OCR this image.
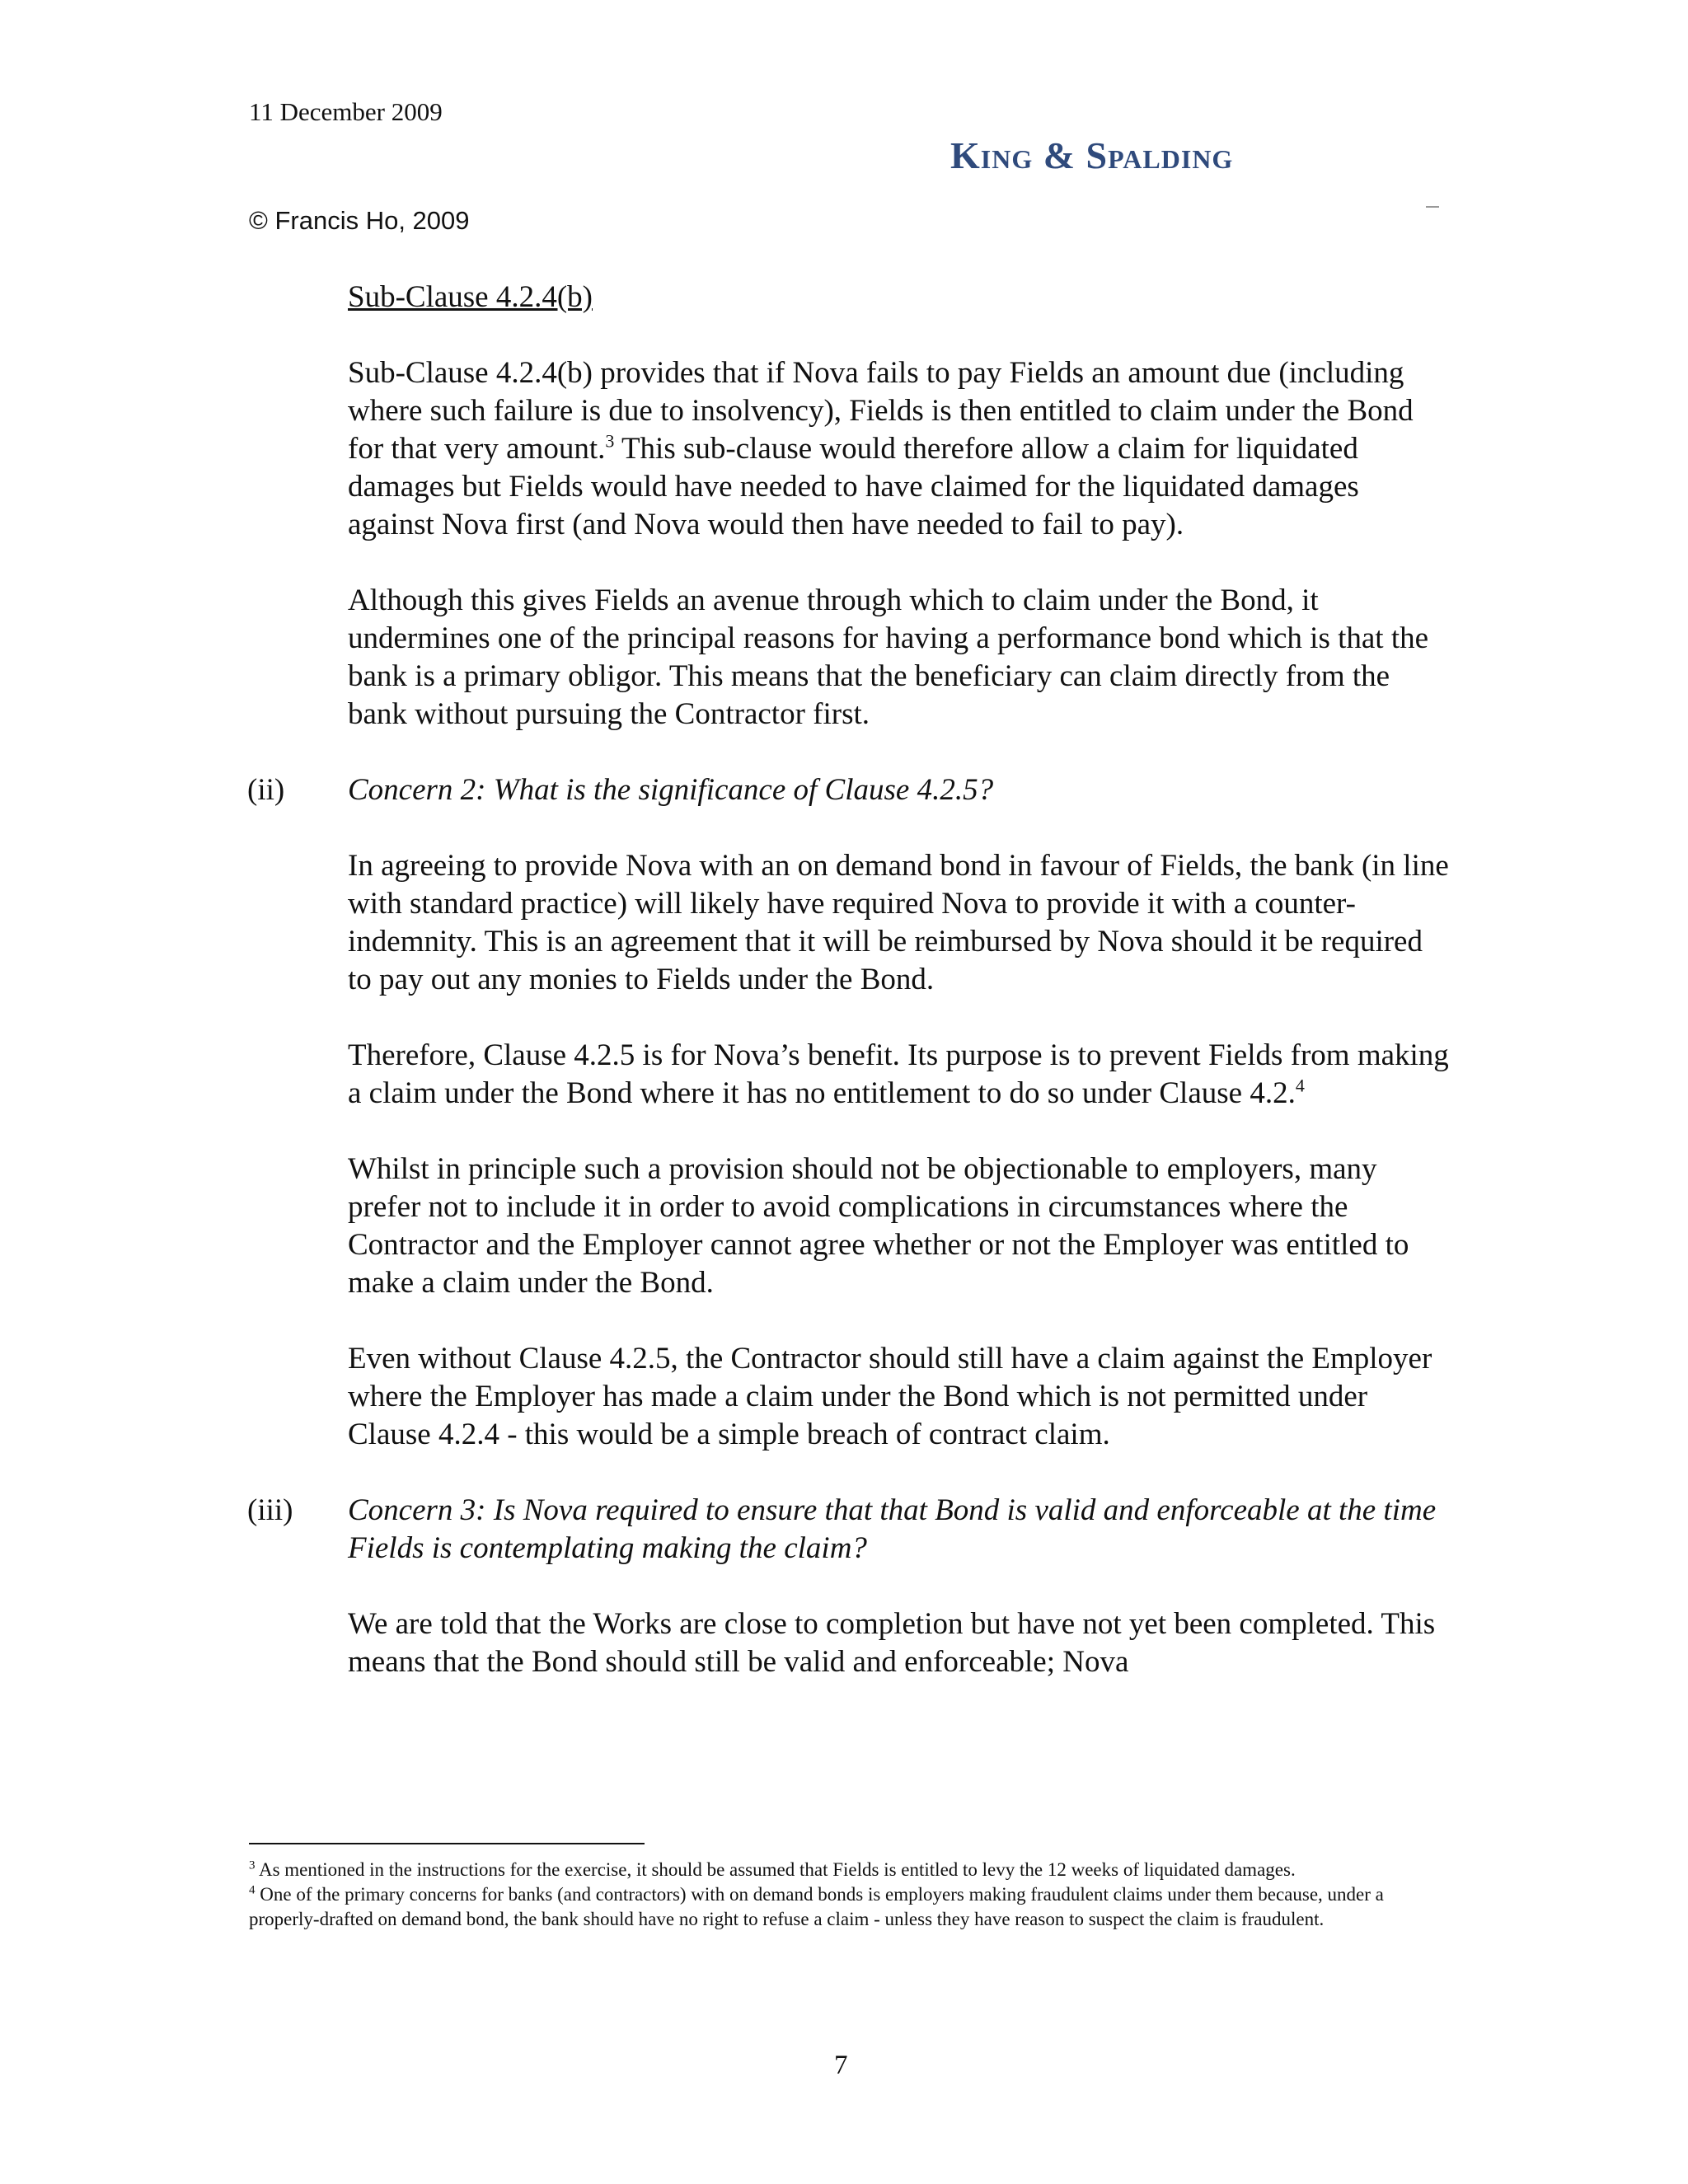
11 December 2009
King & Spalding
© Francis Ho, 2009

Sub-Clause 4.2.4(b)

Sub-Clause 4.2.4(b) provides that if Nova fails to pay Fields an amount due (including where such failure is due to insolvency), Fields is then entitled to claim under the Bond for that very amount.$^3$ This sub-clause would therefore allow a claim for liquidated damages but Fields would have needed to have claimed for the liquidated damages against Nova first (and Nova would then have needed to fail to pay).

Although this gives Fields an avenue through which to claim under the Bond, it undermines one of the principal reasons for having a performance bond which is that the bank is a primary obligor. This means that the beneficiary can claim directly from the bank without pursuing the Contractor first.

(ii) Concern 2: What is the significance of Clause 4.2.5?

In agreeing to provide Nova with an on demand bond in favour of Fields, the bank (in line with standard practice) will likely have required Nova to provide it with a counter-indemnity. This is an agreement that it will be reimbursed by Nova should it be required to pay out any monies to Fields under the Bond.

Therefore, Clause 4.2.5 is for Nova’s benefit. Its purpose is to prevent Fields from making a claim under the Bond where it has no entitlement to do so under Clause 4.2.$^4$

Whilst in principle such a provision should not be objectionable to employers, many prefer not to include it in order to avoid complications in circumstances where the Contractor and the Employer cannot agree whether or not the Employer was entitled to make a claim under the Bond.

Even without Clause 4.2.5, the Contractor should still have a claim against the Employer where the Employer has made a claim under the Bond which is not permitted under Clause 4.2.4 - this would be a simple breach of contract claim.

(iii) Concern 3: Is Nova required to ensure that that Bond is valid and enforceable at the time Fields is contemplating making the claim?

We are told that the Works are close to completion but have not yet been completed. This means that the Bond should still be valid and enforceable; Nova

$^3$ As mentioned in the instructions for the exercise, it should be assumed that Fields is entitled to levy the 12 weeks of liquidated damages.

$^4$ One of the primary concerns for banks (and contractors) with on demand bonds is employers making fraudulent claims under them because, under a properly-drafted on demand bond, the bank should have no right to refuse a claim - unless they have reason to suspect the claim is fraudulent.

7
